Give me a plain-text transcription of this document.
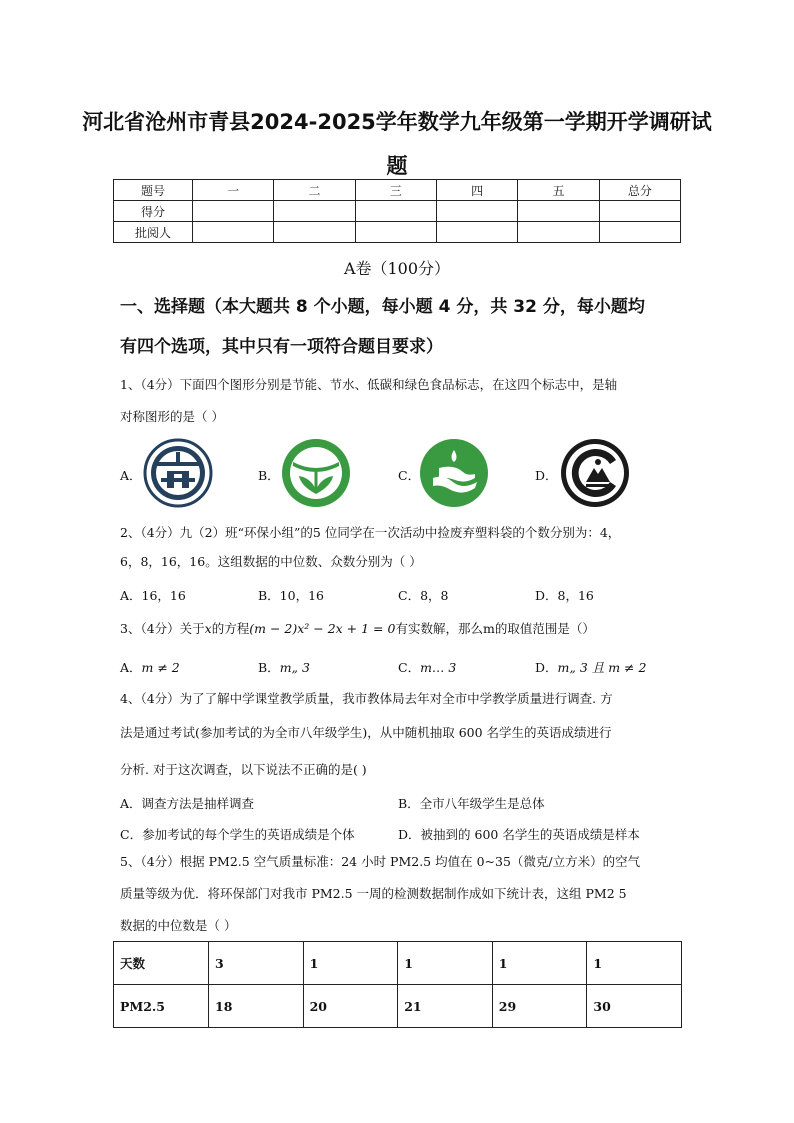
河北省沧州市青县2024-2025学年数学九年级第一学期开学调研试
题
题号	一	二	三	四	五	总分
得分						
批阅人						
A卷（100分）
一、选择题（本大题共 8 个小题，每小题 4 分，共 32 分，每小题均
有四个选项，其中只有一项符合题目要求）
1、（4分）下面四个图形分别是节能、节水、低碳和绿色食品标志，在这四个标志中，是轴
对称图形的是（ ）
A．	B．	C．	D．
2、（4分）九（2）班“环保小组”的5 位同学在一次活动中捡废弃塑料袋的个数分别为：4，
6，8，16，16。这组数据的中位数、众数分别为（ ）
A．16，16	B．10，16	C．8，8	D．8，16
3、（4分）关于x的方程(m − 2)x² − 2x + 1 = 0有实数解，那么m的取值范围是（）
A．m ≠ 2	B．m„ 3	C．m… 3	D．m„ 3 且 m ≠ 2
4、（4分）为了了解中学课堂教学质量，我市教体局去年对全市中学教学质量进行调查. 方
法是通过考试(参加考试的为全市八年级学生)，从中随机抽取 600 名学生的英语成绩进行
分析. 对于这次调查，以下说法不正确的是( )
A．调查方法是抽样调查	B．全市八年级学生是总体
C．参加考试的每个学生的英语成绩是个体	D．被抽到的 600 名学生的英语成绩是样本
5、（4分）根据 PM2.5 空气质量标准：24 小时 PM2.5 均值在 0~35（微克/立方米）的空气
质量等级为优．将环保部门对我市 PM2.5 一周的检测数据制作成如下统计表，这组 PM2 5
数据的中位数是（ ）
天数	3	1	1	1	1
PM2.5	18	20	21	29	30
